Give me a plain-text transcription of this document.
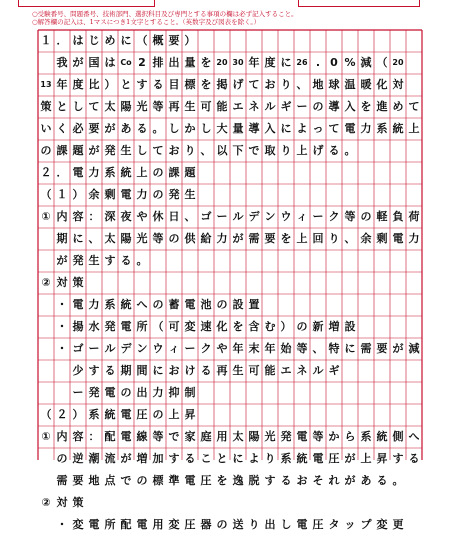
○受験番号、問題番号、技術部門、選択科目及び専門とする事項の欄は必ず記入すること。
○解答欄の記入は、1マスにつき1文字とすること。（英数字及び図表を除く。）
１ ． は じ め に （ 概 要 ）

我 が 国 は Co 2 排 出 量 を 20 30 年 度 に 26 . 0 % 減 （ 20
13 年 度 比 ） と す る 目 標 を 掲 げ て お り 、 地 球 温 暖 化 対
策 と し て 太 陽 光 等 再 生 可 能 エ ネ ル ギ ー の 導 入 を 進 め て
い く 必 要 が あ る 。 し か し 大 量 導 入 に よ っ て 電 力 系 統 上
の 課 題 が 発 生 し て お り 、 以 下 で 取 り 上 げ る 。
２ ． 電 力 系 統 上 の 課 題
（ １ ） 余 剰 電 力 の 発 生
① 内 容 ： 深 夜 や 休 日 、 ゴ ー ル デ ン ウ ィ ー ク 等 の 軽 負 荷

期 に 、 太 陽 光 等 の 供 給 力 が 需 要 を 上 回 り 、 余 剰 電 力

が 発 生 す る 。
② 対 策

・ 電 力 系 統 へ の 蓄 電 池 の 設 置

・ 揚 水 発 電 所 （ 可 変 速 化 を 含 む ） の 新 増 設

・ ゴ ー ル デ ン ウ ィ ー ク や 年 末 年 始 等 、 特 に 需 要 が 減

少 す る 期 間 に お け る 再 生 可 能 エ ネ ル ギ

ー 発 電 の 出 力 抑 制
（ ２ ） 系 統 電 圧 の 上 昇
① 内 容 ： 配 電 線 等 で 家 庭 用 太 陽 光 発 電 等 か ら 系 統 側 へ

の 逆 潮 流 が 増 加 す る こ と に よ り 系 統 電 圧 が 上 昇 す る

需 要 地 点 で の 標 準 電 圧 を 逸 脱 す る お そ れ が あ る 。
② 対 策

・ 変 電 所 配 電 用 変 圧 器 の 送 り 出 し 電 圧 タ ッ プ 変 更
